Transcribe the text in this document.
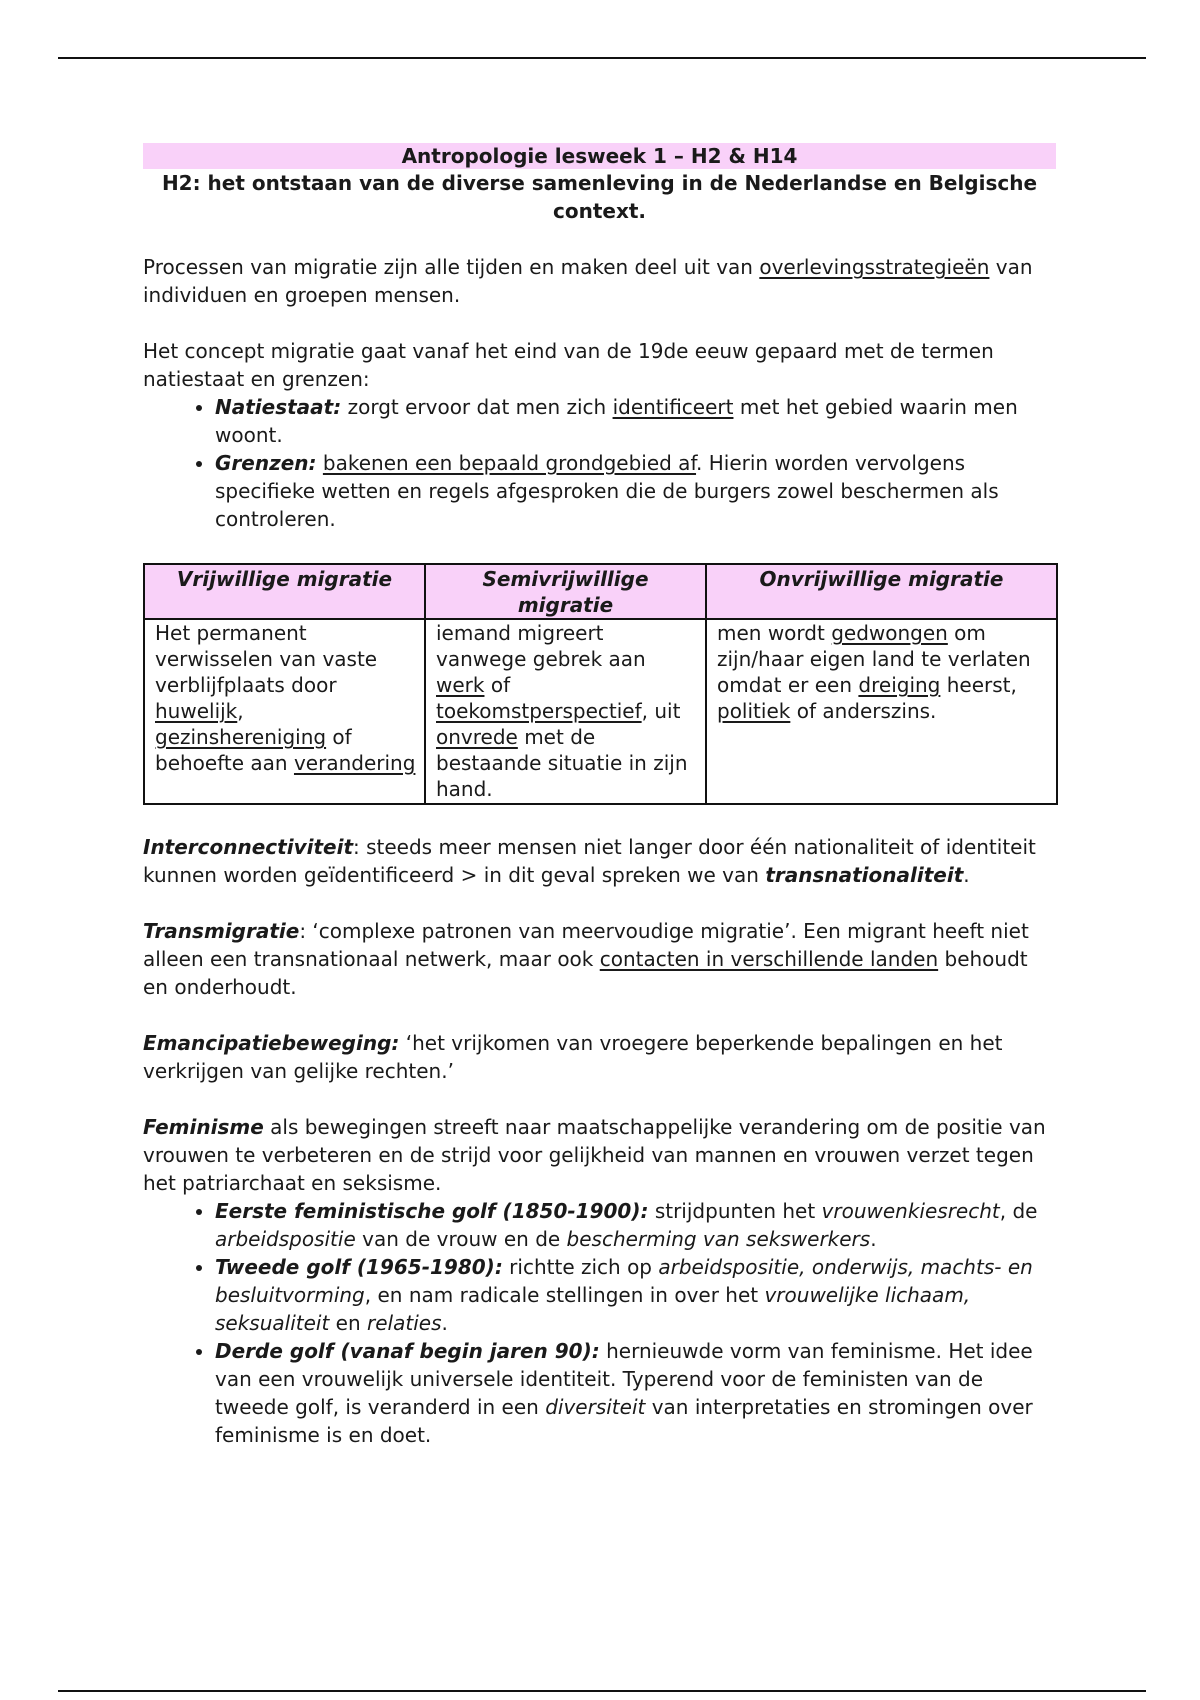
Antropologie lesweek 1 – H2 & H14
H2: het ontstaan van de diverse samenleving in de Nederlandse en Belgische context.

Processen van migratie zijn alle tijden en maken deel uit van overlevingsstrategieën van individuen en groepen mensen.

Het concept migratie gaat vanaf het eind van de 19de eeuw gepaard met de termen natiestaat en grenzen:

• Natiestaat: zorgt ervoor dat men zich identificeert met het gebied waarin men woont.
• Grenzen: bakenen een bepaald grondgebied af. Hierin worden vervolgens specifieke wetten en regels afgesproken die de burgers zowel beschermen als controleren.
Vrijwillige migratie	Semivrijwillige migratie	Onvrijwillige migratie
Het permanent verwisselen van vaste verblijfplaats door huwelijk, gezinshereniging of behoefte aan verandering	iemand migreert vanwege gebrek aan werk of toekomstperspectief, uit onvrede met de bestaande situatie in zijn hand.	men wordt gedwongen om zijn/haar eigen land te verlaten omdat er een dreiging heerst, politiek of anderszins.

Interconnectiviteit: steeds meer mensen niet langer door één nationaliteit of identiteit kunnen worden geïdentificeerd > in dit geval spreken we van transnationaliteit.

Transmigratie: ‘complexe patronen van meervoudige migratie’. Een migrant heeft niet alleen een transnationaal netwerk, maar ook contacten in verschillende landen behoudt en onderhoudt.

Emancipatiebeweging: ‘het vrijkomen van vroegere beperkende bepalingen en het verkrijgen van gelijke rechten.’

Feminisme als bewegingen streeft naar maatschappelijke verandering om de positie van vrouwen te verbeteren en de strijd voor gelijkheid van mannen en vrouwen verzet tegen het patriarchaat en seksisme.

• Eerste feministische golf (1850-1900): strijdpunten het vrouwenkiesrecht, de arbeidspositie van de vrouw en de bescherming van sekswerkers.
• Tweede golf (1965-1980): richtte zich op arbeidspositie, onderwijs, machts- en besluitvorming, en nam radicale stellingen in over het vrouwelijke lichaam, seksualiteit en relaties.
• Derde golf (vanaf begin jaren 90): hernieuwde vorm van feminisme. Het idee van een vrouwelijk universele identiteit. Typerend voor de feministen van de tweede golf, is veranderd in een diversiteit van interpretaties en stromingen over feminisme is en doet.
